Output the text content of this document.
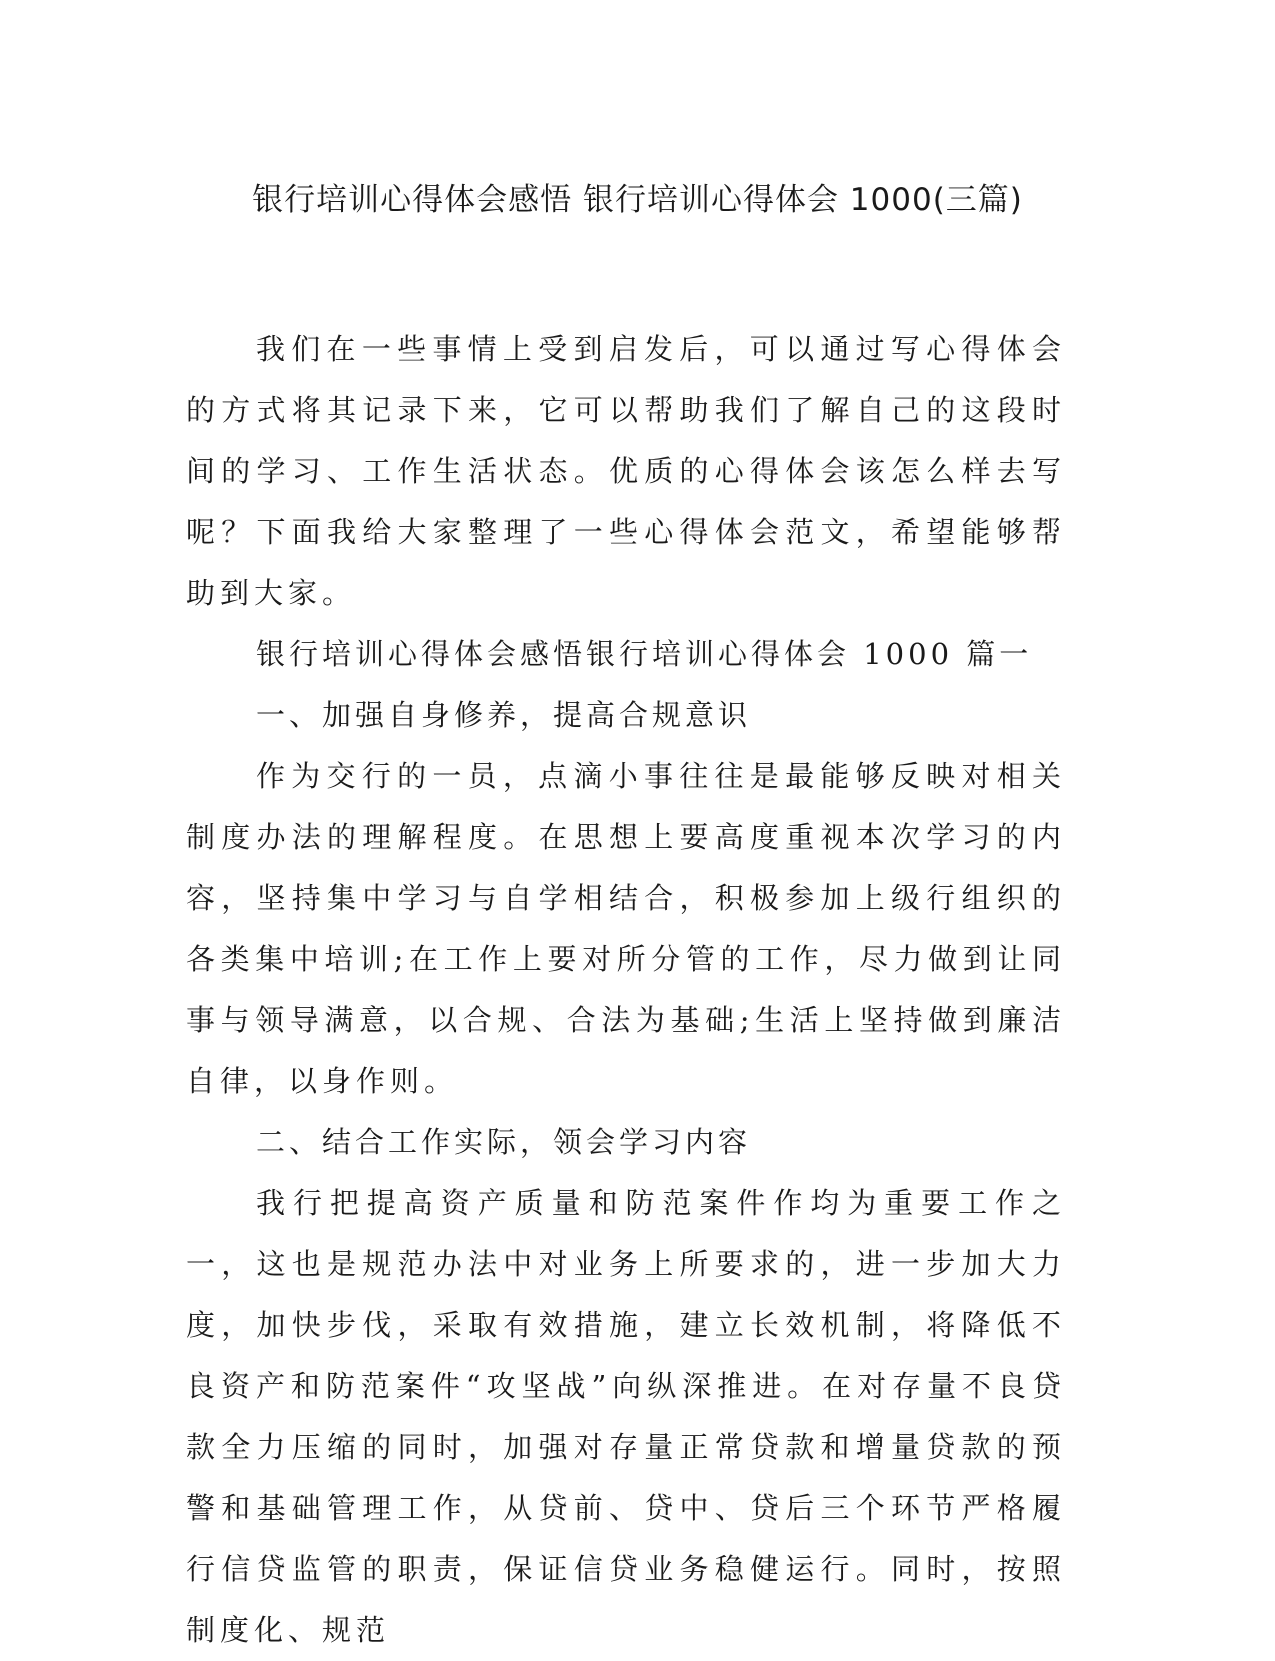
银行培训心得体会感悟 银行培训心得体会 1000(三篇)

我们在一些事情上受到启发后，可以通过写心得体会的方式将其记录下来，它可以帮助我们了解自己的这段时间的学习、工作生活状态。优质的心得体会该怎么样去写呢？下面我给大家整理了一些心得体会范文，希望能够帮助到大家。

银行培训心得体会感悟银行培训心得体会 1000 篇一

一、加强自身修养，提高合规意识

作为交行的一员，点滴小事往往是最能够反映对相关制度办法的理解程度。在思想上要高度重视本次学习的内容，坚持集中学习与自学相结合，积极参加上级行组织的各类集中培训;在工作上要对所分管的工作，尽力做到让同事与领导满意，以合规、合法为基础;生活上坚持做到廉洁自律，以身作则。

二、结合工作实际，领会学习内容

我行把提高资产质量和防范案件作均为重要工作之一，这也是规范办法中对业务上所要求的，进一步加大力度，加快步伐，采取有效措施，建立长效机制，将降低不良资产和防范案件“攻坚战”向纵深推进。在对存量不良贷款全力压缩的同时，加强对存量正常贷款和增量贷款的预警和基础管理工作，从贷前、贷中、贷后三个环节严格履行信贷监管的职责，保证信贷业务稳健运行。同时，按照制度化、规范
